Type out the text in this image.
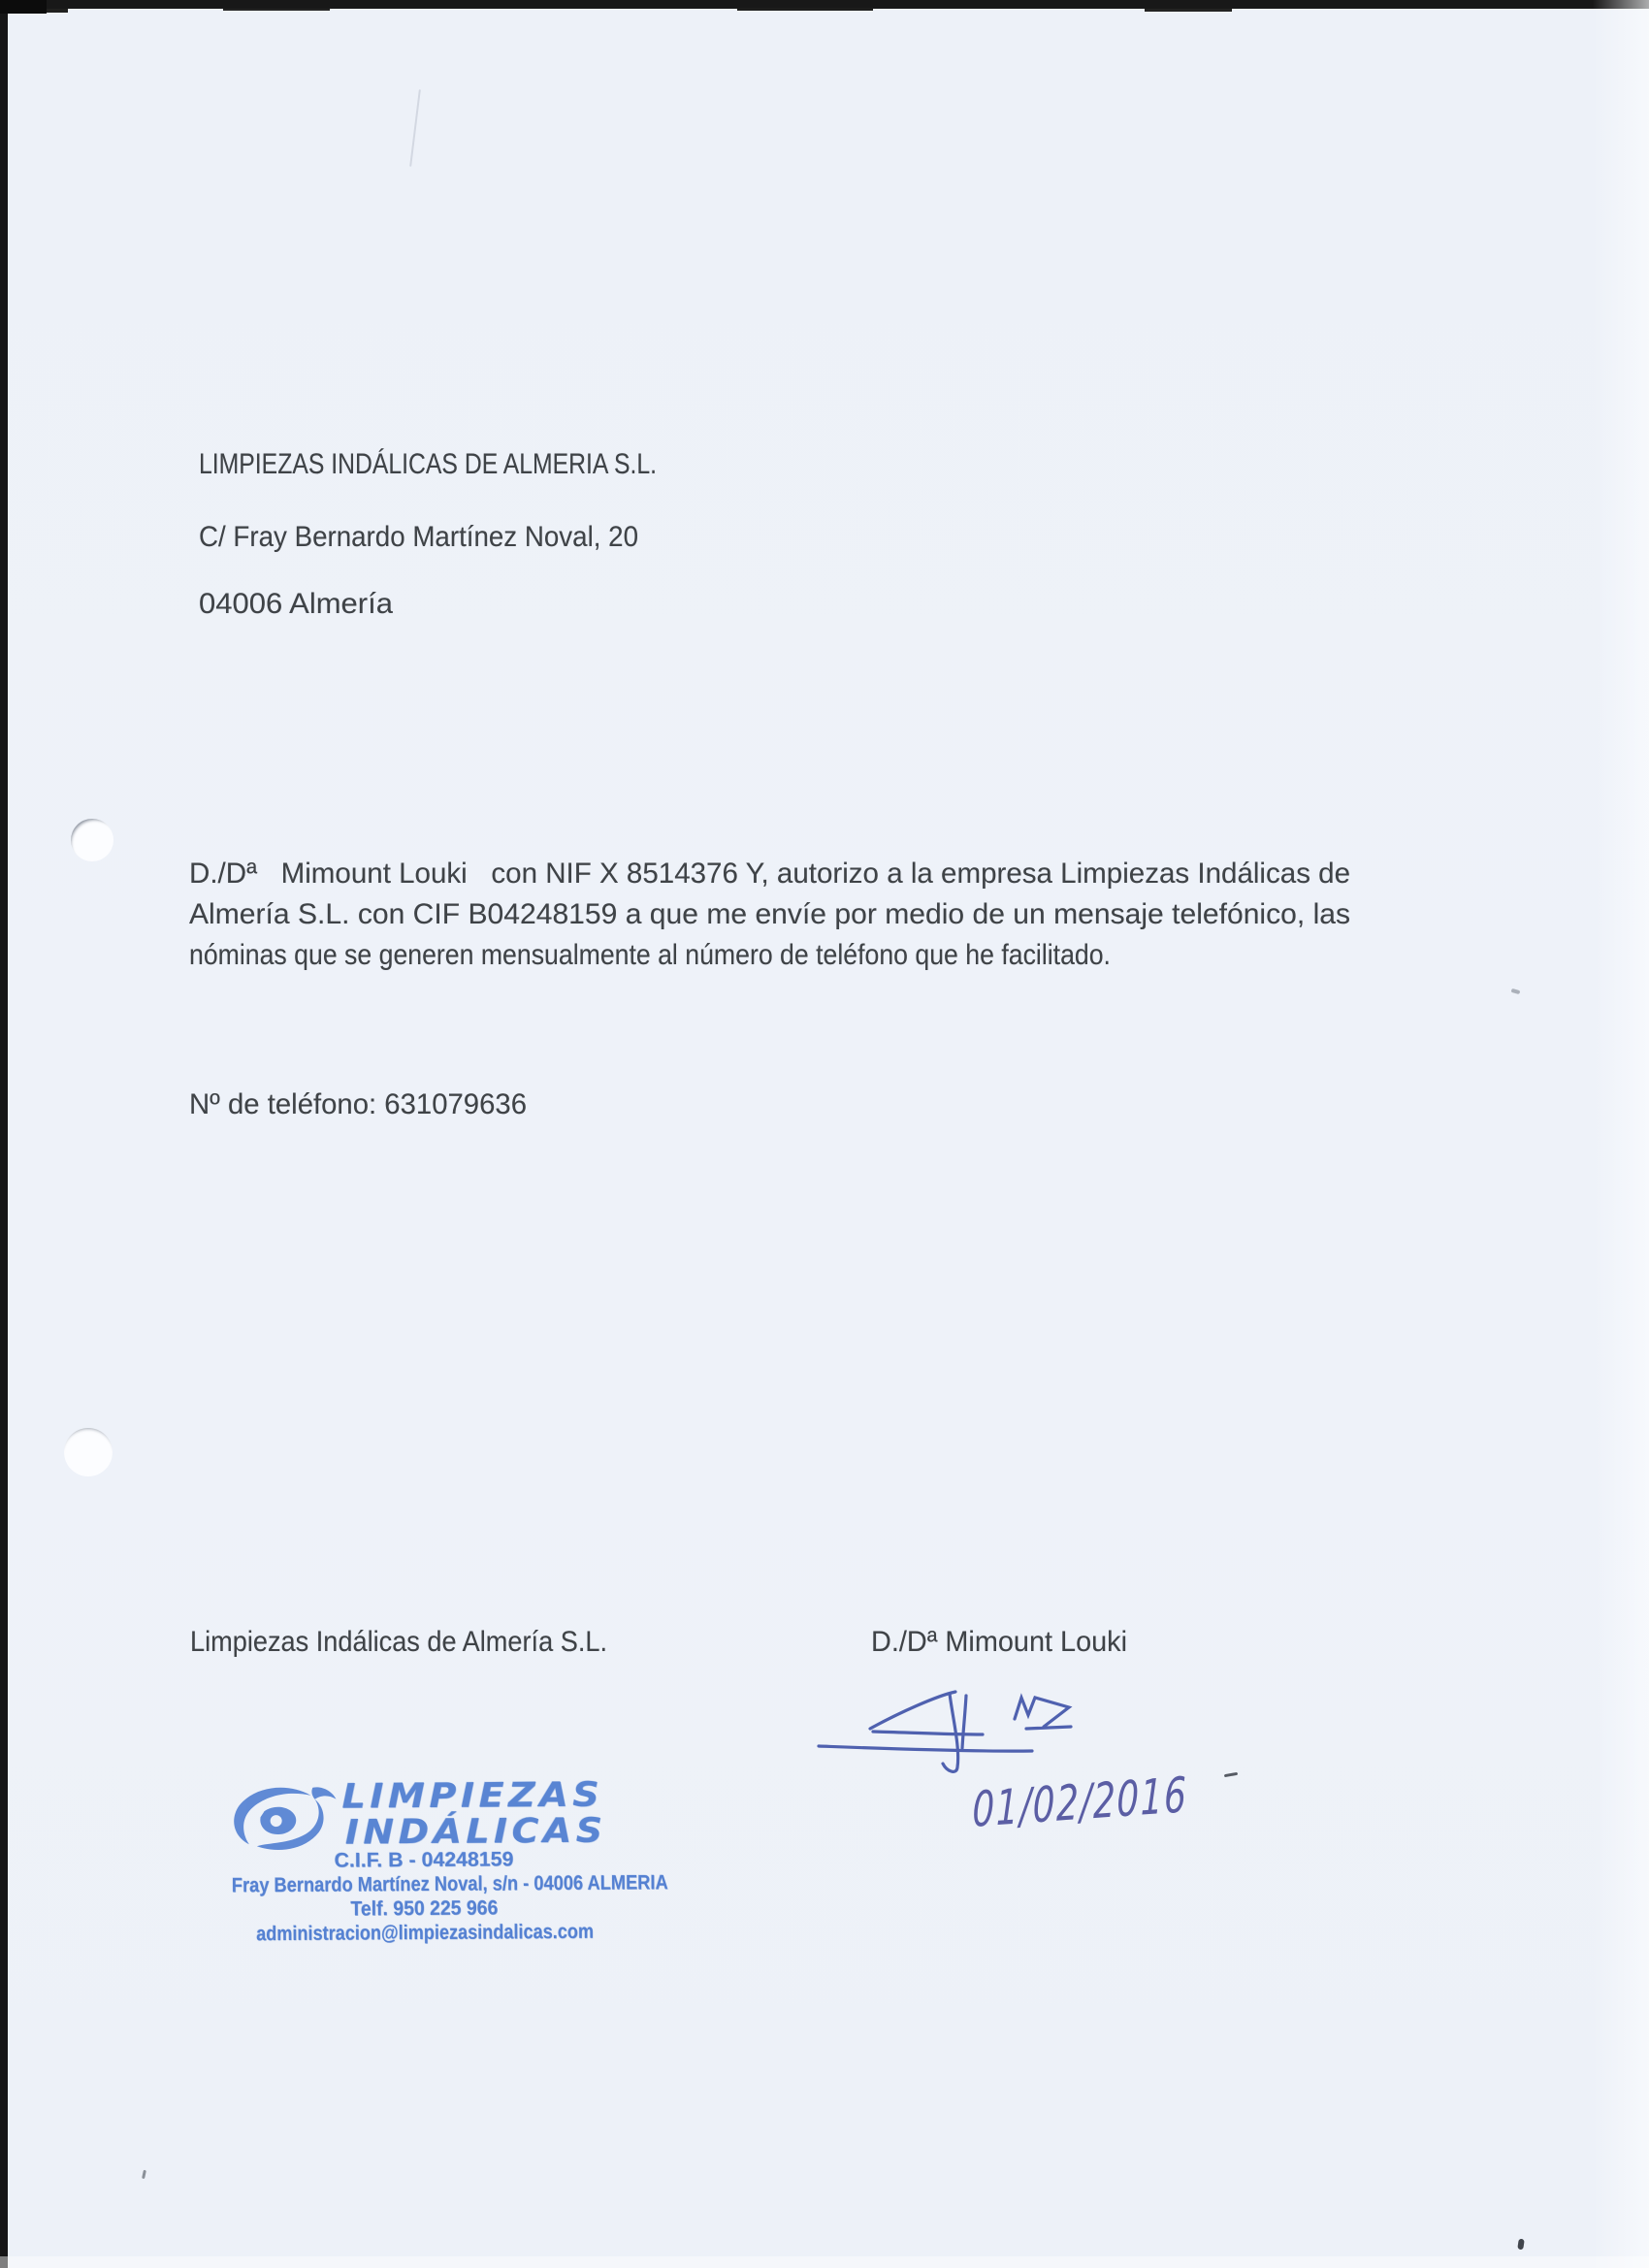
LIMPIEZAS INDÁLICAS DE ALMERIA S.L.
C/ Fray Bernardo Martínez Noval, 20
04006 Almería
D./Dª   Mimount Louki   con NIF X 8514376 Y, autorizo a la empresa Limpiezas Indálicas de
Almería S.L. con CIF B04248159 a que me envíe por medio de un mensaje telefónico, las
nóminas que se generen mensualmente al número de teléfono que he facilitado.
Nº de teléfono: 631079636
Limpiezas Indálicas de Almería S.L.	D./Dª Mimount Louki
01/02/2016
LIMPIEZAS
INDÁLICAS
C.I.F. B - 04248159
Fray Bernardo Martínez Noval, s/n - 04006 ALMERIA
Telf. 950 225 966
administracion@limpiezasindalicas.com
